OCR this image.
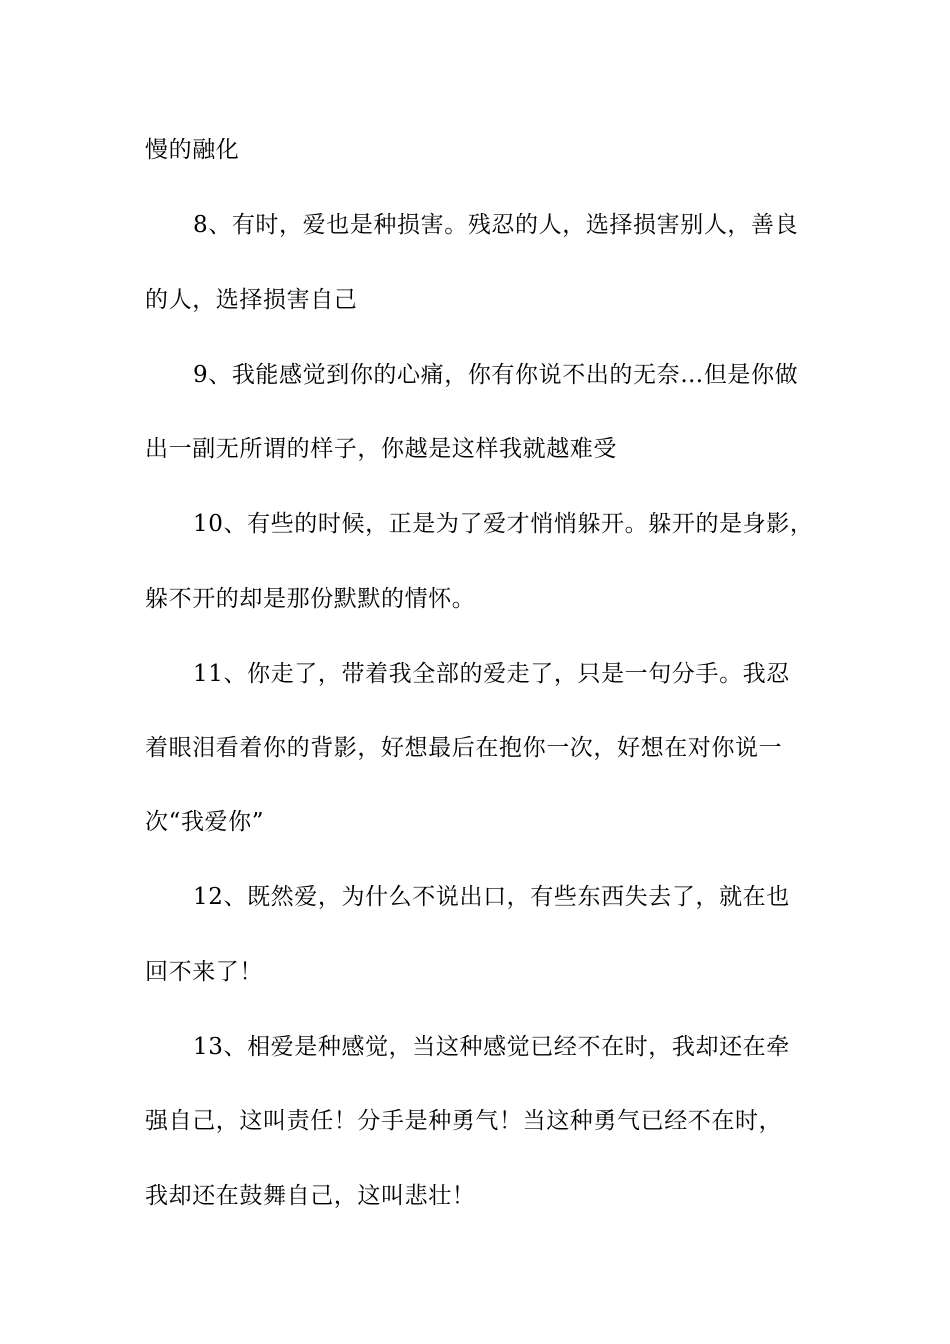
慢的融化
8、有时，爱也是种损害。残忍的人，选择损害别人，善良
的人，选择损害自己
9、我能感觉到你的心痛，你有你说不出的无奈…但是你做
出一副无所谓的样子，你越是这样我就越难受
10、有些的时候，正是为了爱才悄悄躲开。躲开的是身影，
躲不开的却是那份默默的情怀。
11、你走了，带着我全部的爱走了，只是一句分手。我忍
着眼泪看着你的背影，好想最后在抱你一次，好想在对你说一
次“我爱你”
12、既然爱，为什么不说出口，有些东西失去了，就在也
回不来了！
13、相爱是种感觉，当这种感觉已经不在时，我却还在牵
强自己，这叫责任！分手是种勇气！当这种勇气已经不在时，
我却还在鼓舞自己，这叫悲壮！
